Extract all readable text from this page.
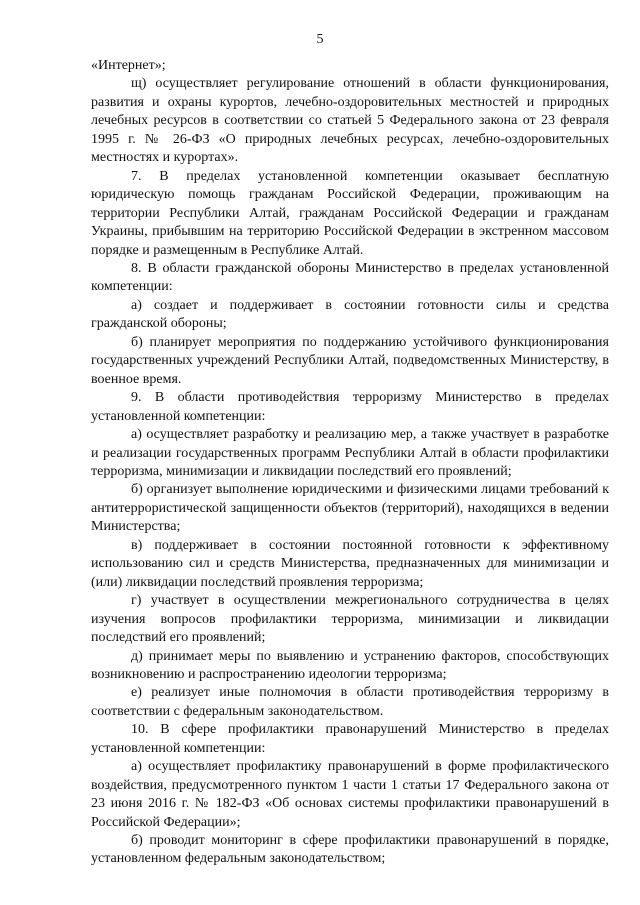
5

«Интернет»;

щ) осуществляет регулирование отношений в области функционирования, развития и охраны курортов, лечебно-оздоровительных местностей и природных лечебных ресурсов в соответствии со статьей 5 Федерального закона от 23 февраля 1995 г. № 26-ФЗ «О природных лечебных ресурсах, лечебно-оздоровительных местностях и курортах».

7. В пределах установленной компетенции оказывает бесплатную юридическую помощь гражданам Российской Федерации, проживающим на территории Республики Алтай, гражданам Российской Федерации и гражданам Украины, прибывшим на территорию Российской Федерации в экстренном массовом порядке и размещенным в Республике Алтай.

8. В области гражданской обороны Министерство в пределах установленной компетенции:

а) создает и поддерживает в состоянии готовности силы и средства гражданской обороны;

б) планирует мероприятия по поддержанию устойчивого функционирования государственных учреждений Республики Алтай, подведомственных Министерству, в военное время.

9. В области противодействия терроризму Министерство в пределах установленной компетенции:

а) осуществляет разработку и реализацию мер, а также участвует в разработке и реализации государственных программ Республики Алтай в области профилактики терроризма, минимизации и ликвидации последствий его проявлений;

б) организует выполнение юридическими и физическими лицами требований к антитеррористической защищенности объектов (территорий), находящихся в ведении Министерства;

в) поддерживает в состоянии постоянной готовности к эффективному использованию сил и средств Министерства, предназначенных для минимизации и (или) ликвидации последствий проявления терроризма;

г) участвует в осуществлении межрегионального сотрудничества в целях изучения вопросов профилактики терроризма, минимизации и ликвидации последствий его проявлений;

д) принимает меры по выявлению и устранению факторов, способствующих возникновению и распространению идеологии терроризма;

е) реализует иные полномочия в области противодействия терроризму в соответствии с федеральным законодательством.

10. В сфере профилактики правонарушений Министерство в пределах установленной компетенции:

а) осуществляет профилактику правонарушений в форме профилактического воздействия, предусмотренного пунктом 1 части 1 статьи 17 Федерального закона от 23 июня 2016 г. № 182-ФЗ «Об основах системы профилактики правонарушений в Российской Федерации»;

б) проводит мониторинг в сфере профилактики правонарушений в порядке, установленном федеральным законодательством;
